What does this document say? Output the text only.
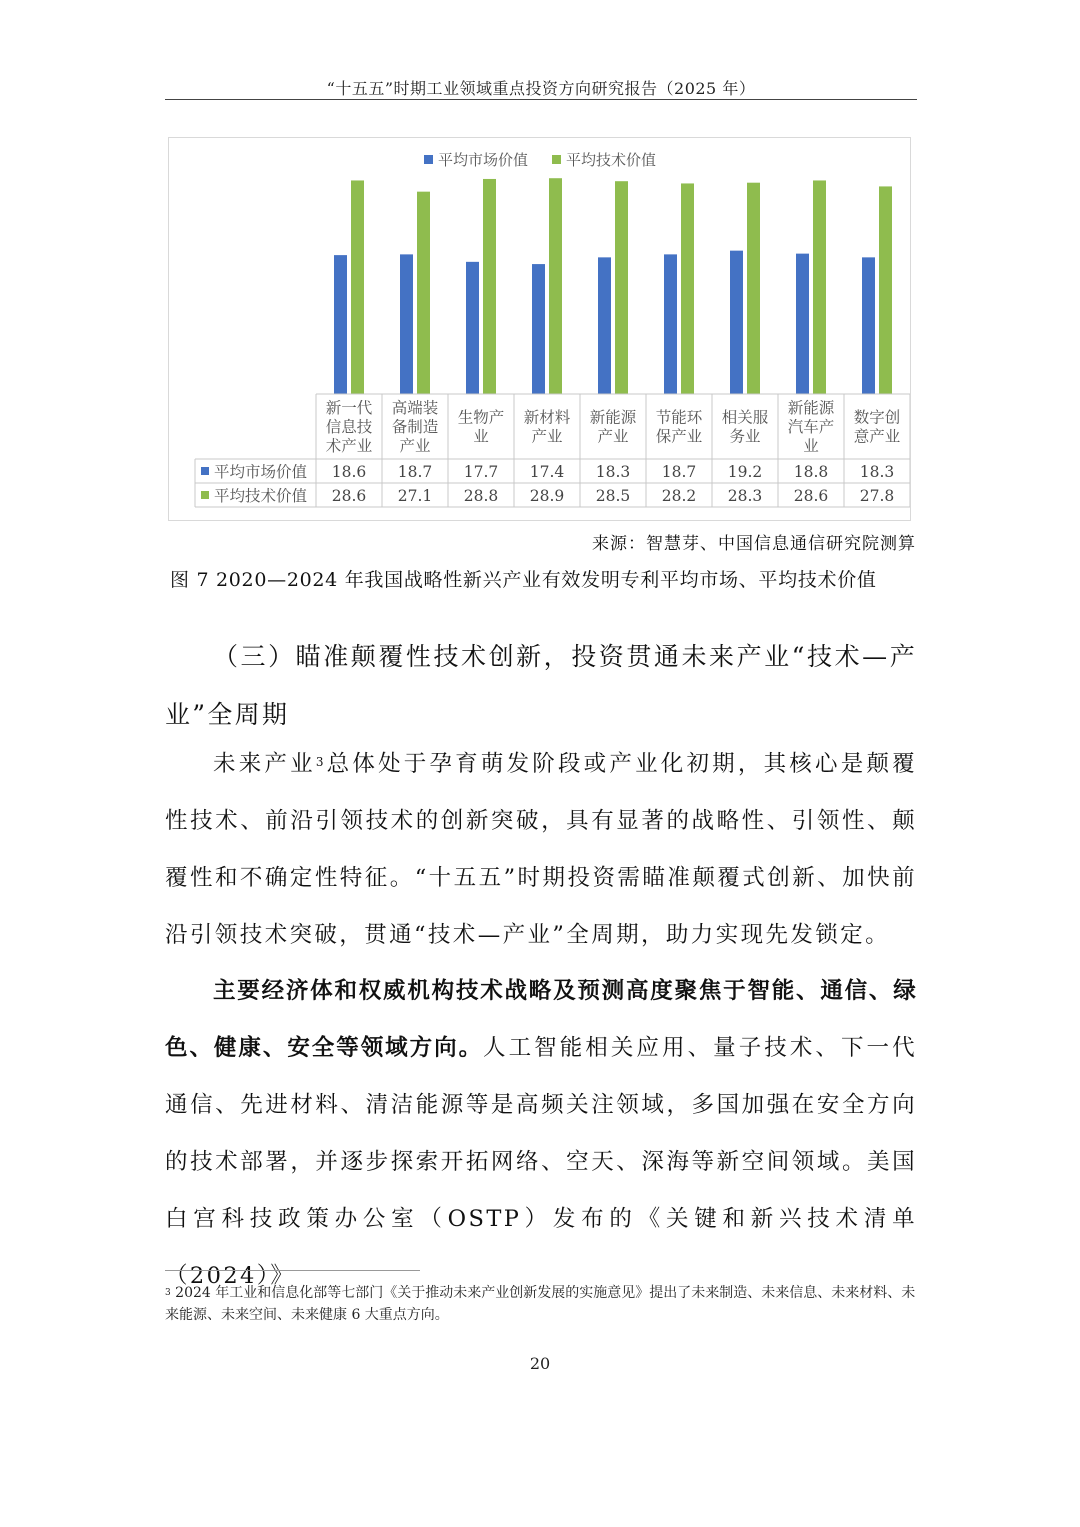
“十五五”时期工业领域重点投资方向研究报告（2025 年）
平均市场价值	平均技术价值
新一代
信息技
术产业
高端装
备制造
产业
生物产
业
新材料
产业
新能源
产业
节能环
保产业
相关服
务业
新能源
汽车产
业
数字创
意产业
平均市场价值 18.6 18.7 17.7 17.4 18.3 18.7 19.2 18.8 18.3
平均技术价值 28.6 27.1 28.8 28.9 28.5 28.2 28.3 28.6 27.8
来源：智慧芽、中国信息通信研究院测算
图 7 2020—2024 年我国战略性新兴产业有效发明专利平均市场、平均技术价值
（三）瞄准颠覆性技术创新，投资贯通未来产业“技术—产业”全周期

未来产业$^3$总体处于孕育萌发阶段或产业化初期，其核心是颠覆性技术、前沿引领技术的创新突破，具有显著的战略性、引领性、颠覆性和不确定性特征。“十五五”时期投资需瞄准颠覆式创新、加快前沿引领技术突破，贯通“技术—产业”全周期，助力实现先发锁定。

主要经济体和权威机构技术战略及预测高度聚焦于智能、通信、绿色、健康、安全等领域方向。人工智能相关应用、量子技术、下一代通信、先进材料、清洁能源等是高频关注领域，多国加强在安全方向的技术部署，并逐步探索开拓网络、空天、深海等新空间领域。美国白宫科技政策办公室（OSTP）发布的《关键和新兴技术清单（2024）》

$^3$ 2024 年工业和信息化部等七部门《关于推动未来产业创新发展的实施意见》提出了未来制造、未来信息、未来材料、未来能源、未来空间、未来健康 6 大重点方向。
20
